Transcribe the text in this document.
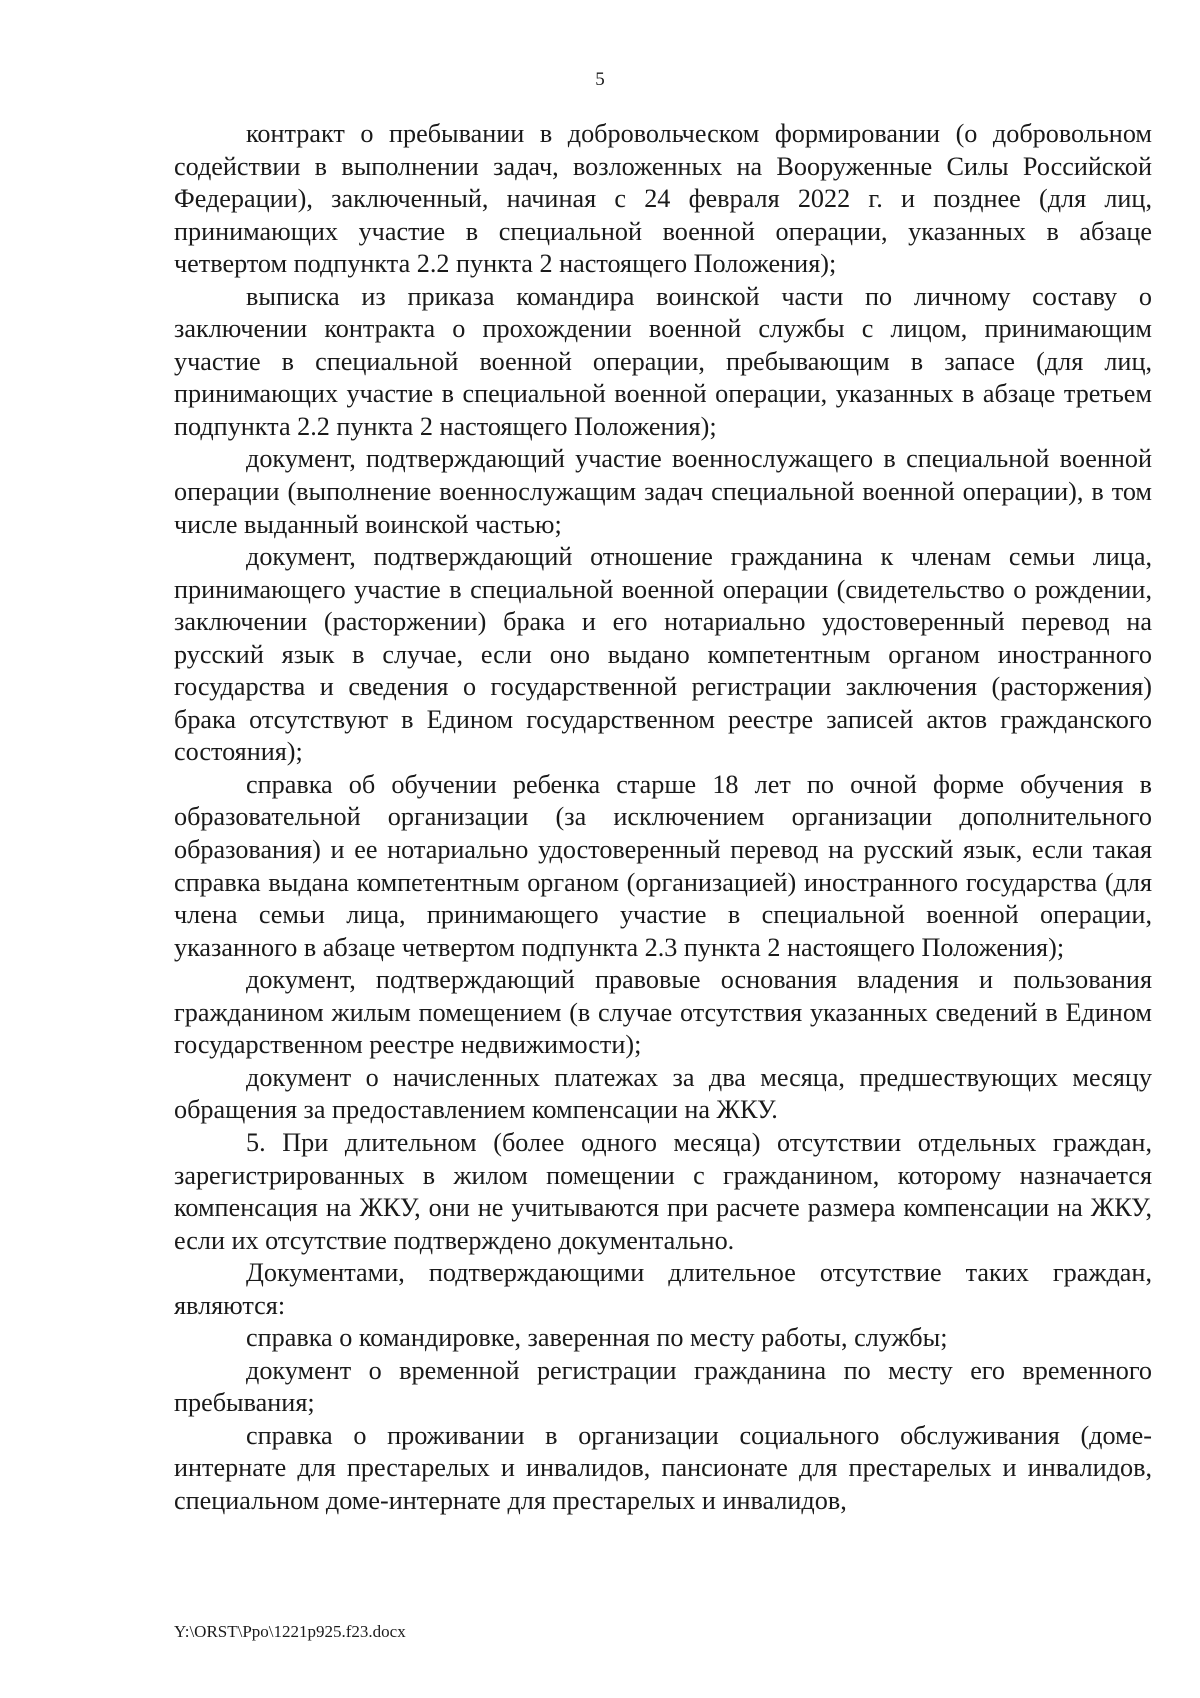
5

контракт о пребывании в добровольческом формировании (о добровольном содействии в выполнении задач, возложенных на Вооруженные Силы Российской Федерации), заключенный, начиная с 24 февраля 2022 г. и позднее (для лиц, принимающих участие в специальной военной операции, указанных в абзаце четвертом подпункта 2.2 пункта 2 настоящего Положения);

выписка из приказа командира воинской части по личному составу о заключении контракта о прохождении военной службы с лицом, принимающим участие в специальной военной операции, пребывающим в запасе (для лиц, принимающих участие в специальной военной операции, указанных в абзаце третьем подпункта 2.2 пункта 2 настоящего Положения);

документ, подтверждающий участие военнослужащего в специальной военной операции (выполнение военнослужащим задач специальной военной операции), в том числе выданный воинской частью;

документ, подтверждающий отношение гражданина к членам семьи лица, принимающего участие в специальной военной операции (свидетельство о рождении, заключении (расторжении) брака и его нотариально удостоверенный перевод на русский язык в случае, если оно выдано компетентным органом иностранного государства и сведения о государственной регистрации заключения (расторжения) брака отсутствуют в Едином государственном реестре записей актов гражданского состояния);

справка об обучении ребенка старше 18 лет по очной форме обучения в образовательной организации (за исключением организации дополнительного образования) и ее нотариально удостоверенный перевод на русский язык, если такая справка выдана компетентным органом (организацией) иностранного государства (для члена семьи лица, принимающего участие в специальной военной операции, указанного в абзаце четвертом подпункта 2.3 пункта 2 настоящего Положения);

документ, подтверждающий правовые основания владения и пользования гражданином жилым помещением (в случае отсутствия указанных сведений в Едином государственном реестре недвижимости);

документ о начисленных платежах за два месяца, предшествующих месяцу обращения за предоставлением компенсации на ЖКУ.

5. При длительном (более одного месяца) отсутствии отдельных граждан, зарегистрированных в жилом помещении с гражданином, которому назначается компенсация на ЖКУ, они не учитываются при расчете размера компенсации на ЖКУ, если их отсутствие подтверждено документально.

Документами, подтверждающими длительное отсутствие таких граждан, являются:

справка о командировке, заверенная по месту работы, службы;

документ о временной регистрации гражданина по месту его временного пребывания;

справка о проживании в организации социального обслуживания (доме-интернате для престарелых и инвалидов, пансионате для престарелых и инвалидов, специальном доме-интернате для престарелых и инвалидов,

Y:\ORST\Ppo\1221p925.f23.docx
